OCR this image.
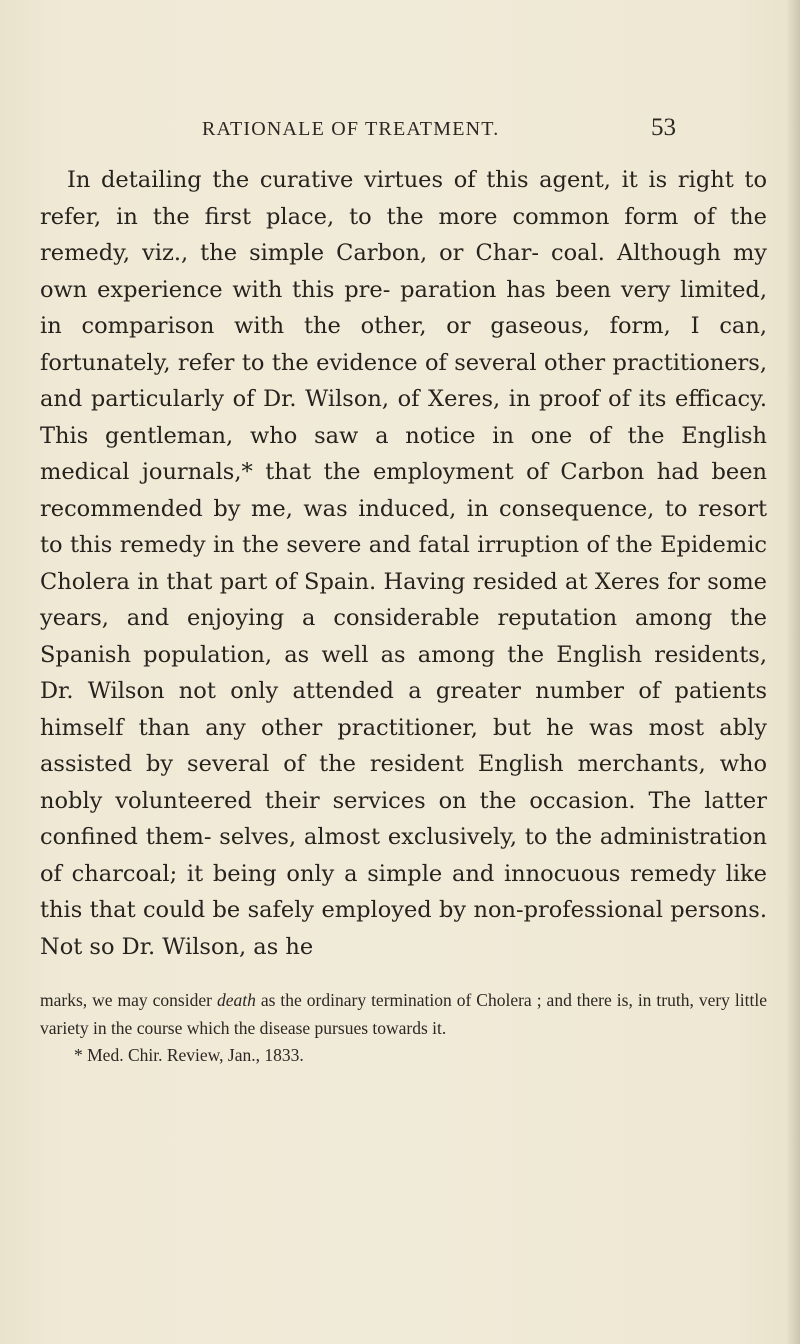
RATIONALE OF TREATMENT.	53

In detailing the curative virtues of this agent, it is right to refer, in the first place, to the more common form of the remedy, viz., the simple Carbon, or Char- coal. Although my own experience with this pre- paration has been very limited, in comparison with the other, or gaseous, form, I can, fortunately, refer to the evidence of several other practitioners, and particularly of Dr. Wilson, of Xeres, in proof of its efficacy. This gentleman, who saw a notice in one of the English medical journals,* that the employment of Carbon had been recommended by me, was induced, in consequence, to resort to this remedy in the severe and fatal irruption of the Epidemic Cholera in that part of Spain. Having resided at Xeres for some years, and enjoying a considerable reputation among the Spanish population, as well as among the English residents, Dr. Wilson not only attended a greater number of patients himself than any other practitioner, but he was most ably assisted by several of the resident English merchants, who nobly volunteered their services on the occasion. The latter confined them- selves, almost exclusively, to the administration of charcoal; it being only a simple and innocuous remedy like this that could be safely employed by non-professional persons. Not so Dr. Wilson, as he

marks, we may consider death as the ordinary termination of Cholera ; and there is, in truth, very little variety in the course which the disease pursues towards it.

* Med. Chir. Review, Jan., 1833.
